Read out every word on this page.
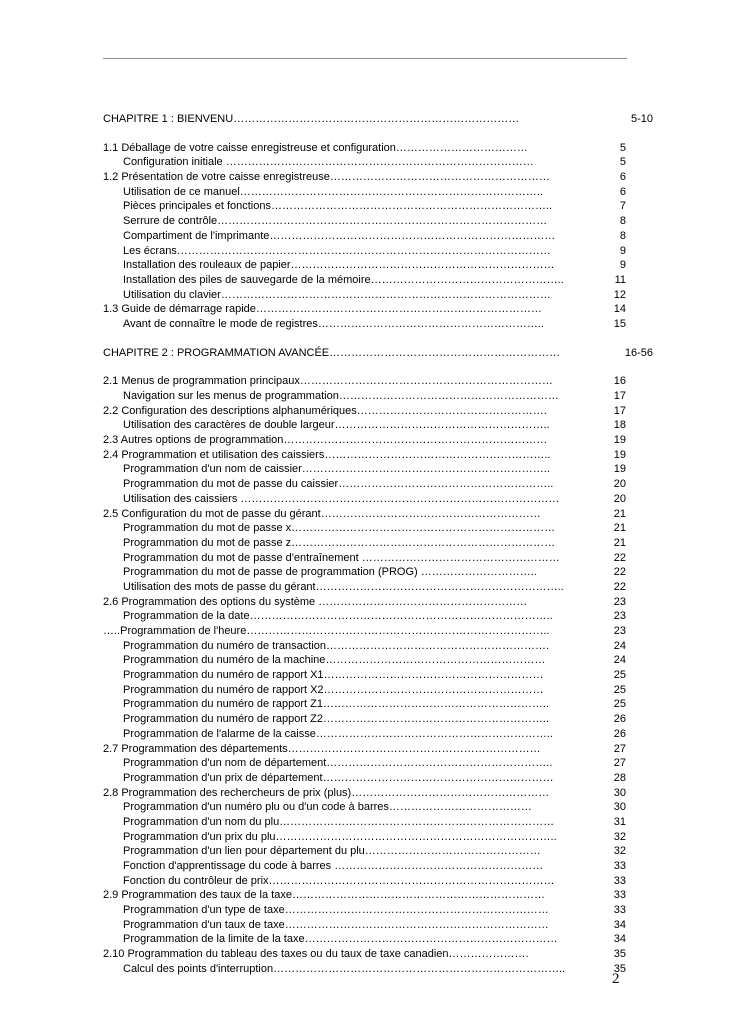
CHAPITRE 1 : BIENVENU……………………………………………………………………	5-10
1.1 Déballage de votre caisse enregistreuse et configuration………………………………	5
Configuration initiale …………………………………………………………………………	5
1.2 Présentation de votre caisse enregistreuse……………………………………………………	6
Utilisation de ce manuel………………………………………………………………………..	6
Pièces principales et fonctions…………………………………………………………………..	7
Serrure de contrôle………………………………………………………………………………	8
Compartiment de l'imprimante……………………………………………………………………	8
Les écrans…………………………………………………………………………………………	9
Installation des rouleaux de papier………………………………………………………………	9
Installation des piles de sauvegarde de la mémoire……………………………………………..	11
Utilisation du clavier………………………………………………………………………………	12
1.3 Guide de démarrage rapide……………………………………………………………………	14
Avant de connaître le mode de registres……………………………………………………..	15
CHAPITRE 2 : PROGRAMMATION AVANCÉE………………………………………………………	16-56
2.1 Menus de programmation principaux……………………………………………………………	16
Navigation sur les menus de programmation……………………………………………………	17
2.2 Configuration des descriptions alphanumériques…………………………………………….	17
Utilisation des caractères de double largeur…………………………………………………..	18
2.3 Autres options de programmation………………………………………………………………	19
2.4 Programmation et utilisation des caissiers……………………………………………………..	19
Programmation d'un nom de caissier…………………………………………………………..	19
Programmation du mot de passe du caissier…………………………………………………..	20
Utilisation des caissiers ……………………………………………………………………………	20
2.5 Configuration du mot de passe du gérant……………………………………………………	21
Programmation du mot de passe x………………………………………………………………	21
Programmation du mot de passe z………………………………………………………………	21
Programmation du mot de passe d'entraînement ………………………………………………	22
Programmation du mot de passe de programmation (PROG) …………………………..	22
Utilisation des mots de passe du gérant…………………………………………………………..	22
2.6 Programmation des options du système …………………………………………………	23
Programmation de la date………………………………………………………………………..	23
…..Programmation de l'heure………………………………………………………………………..	23
Programmation du numéro de transaction…………………………………………………….	24
Programmation du numéro de la machine……………………………………………………	24
Programmation du numéro de rapport X1……………………………………………………	25
Programmation du numéro de rapport X2……………………………………………………	25
Programmation du numéro de rapport Z1……………………………………………………..	25
Programmation du numéro de rapport Z2……………………………………………………..	26
Programmation de l'alarme de la caisse………………………………………………………..	26
2.7 Programmation des départements……………………………………………………………	27
Programmation d'un nom de département……………………………………………………..	27
Programmation d'un prix de département………………………………………………………	28
2.8 Programmation des rechercheurs de prix (plus)………………………………………………	30
Programmation d'un numéro plu ou d'un code à barres…………………………………	30
Programmation d'un nom du plu…………………………………………………………………	31
Programmation d'un prix du plu…………………………………………………………………..	32
Programmation d'un lien pour département du plu…………………………………………	32
Fonction d'apprentissage du code à barres …………………………………………………	33
Fonction du contrôleur de prix……………………………………………………………………	33
2.9 Programmation des taux de la taxe……………………………………………………………	33
Programmation d'un type de taxe………………………………………………………………	33
Programmation d'un taux de taxe………………………………………………………………	34
Programmation de la limite de la taxe……………………………………………………………	34
2.10 Programmation du tableau des taxes ou du taux de taxe canadien………………….	35
Calcul des points d'interruption……………………………………………………………………..	35
2
